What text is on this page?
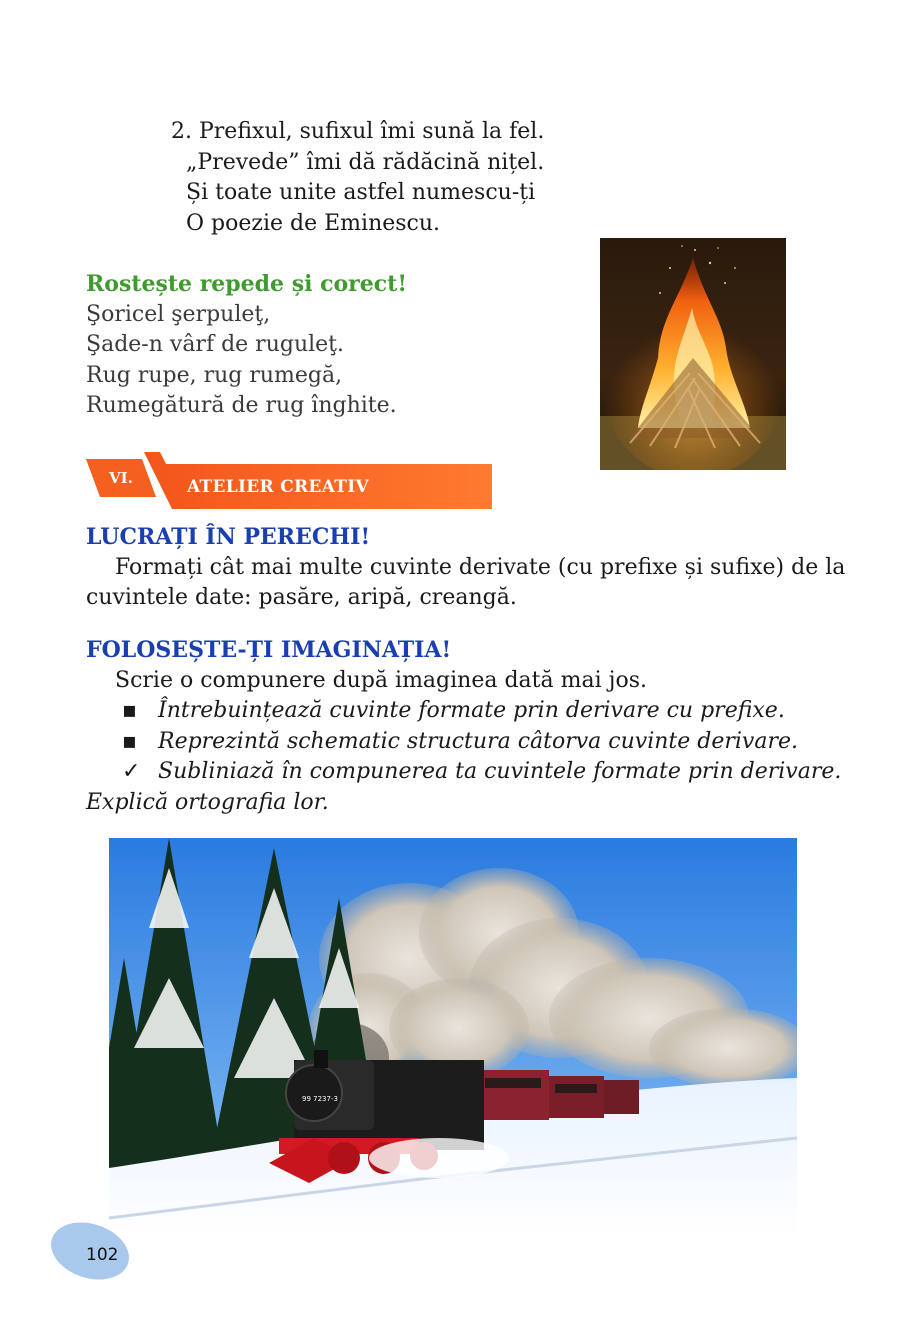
2. Prefixul, sufixul îmi sună la fel.
„Prevede” îmi dă rădăcină nițel.
Și toate unite astfel numescu-ți
O poezie de Eminescu.
Rostește repede și corect!
Şoricel şerpuleţ,
Şade-n vârf de ruguleţ.
Rug rupe, rug rumegă,
Rumegătură de rug înghite.
VI.	ATELIER CREATIV
LUCRAȚI ÎN PERECHI!

Formați cât mai multe cuvinte derivate (cu prefixe și sufixe) de la cuvintele date: pasăre, aripă, creangă.

FOLOSEȘTE-ȚI IMAGINAȚIA!
Scrie o compunere după imaginea dată mai jos.
▪ Întrebuințează cuvinte formate prin derivare cu prefixe.
▪ Reprezintă schematic structura câtorva cuvinte derivare.
✓ Subliniază în compunerea ta cuvintele formate prin derivare.
Explică ortografia lor.
99 7237-3
102
